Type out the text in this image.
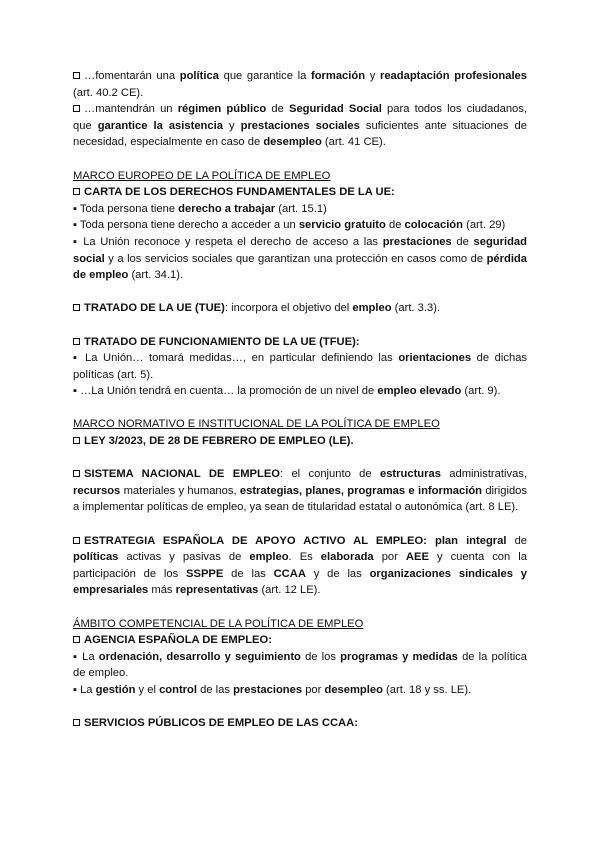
…fomentarán una política que garantice la formación y readaptación profesionales (art. 40.2 CE).

…mantendrán un régimen público de Seguridad Social para todos los ciudadanos, que garantice la asistencia y prestaciones sociales suficientes ante situaciones de necesidad, especialmente en caso de desempleo (art. 41 CE).

MARCO EUROPEO DE LA POLÍTICA DE EMPLEO

CARTA DE LOS DERECHOS FUNDAMENTALES DE LA UE:

▪ Toda persona tiene derecho a trabajar (art. 15.1)

▪ Toda persona tiene derecho a acceder a un servicio gratuito de colocación (art. 29)

▪ La Unión reconoce y respeta el derecho de acceso a las prestaciones de seguridad social y a los servicios sociales que garantizan una protección en casos como de pérdida de empleo (art. 34.1).

TRATADO DE LA UE (TUE): incorpora el objetivo del empleo (art. 3.3).

TRATADO DE FUNCIONAMIENTO DE LA UE (TFUE):

▪ La Unión… tomará medidas…, en particular definiendo las orientaciones de dichas políticas (art. 5).

▪ …La Unión tendrá en cuenta… la promoción de un nivel de empleo elevado (art. 9).

MARCO NORMATIVO E INSTITUCIONAL DE LA POLÍTICA DE EMPLEO

LEY 3/2023, DE 28 DE FEBRERO DE EMPLEO (LE).

SISTEMA NACIONAL DE EMPLEO: el conjunto de estructuras administrativas, recursos materiales y humanos, estrategias, planes, programas e información dirigidos a implementar políticas de empleo, ya sean de titularidad estatal o autonómica (art. 8 LE).

ESTRATEGIA ESPAÑOLA DE APOYO ACTIVO AL EMPLEO: plan integral de políticas activas y pasivas de empleo. Es elaborada por AEE y cuenta con la participación de los SSPPE de las CCAA y de las organizaciones sindicales y empresariales más representativas (art. 12 LE).

ÁMBITO COMPETENCIAL DE LA POLÍTICA DE EMPLEO

AGENCIA ESPAÑOLA DE EMPLEO:

▪ La ordenación, desarrollo y seguimiento de los programas y medidas de la política de empleo.

▪ La gestión y el control de las prestaciones por desempleo (art. 18 y ss. LE).

SERVICIOS PÚBLICOS DE EMPLEO DE LAS CCAA:
